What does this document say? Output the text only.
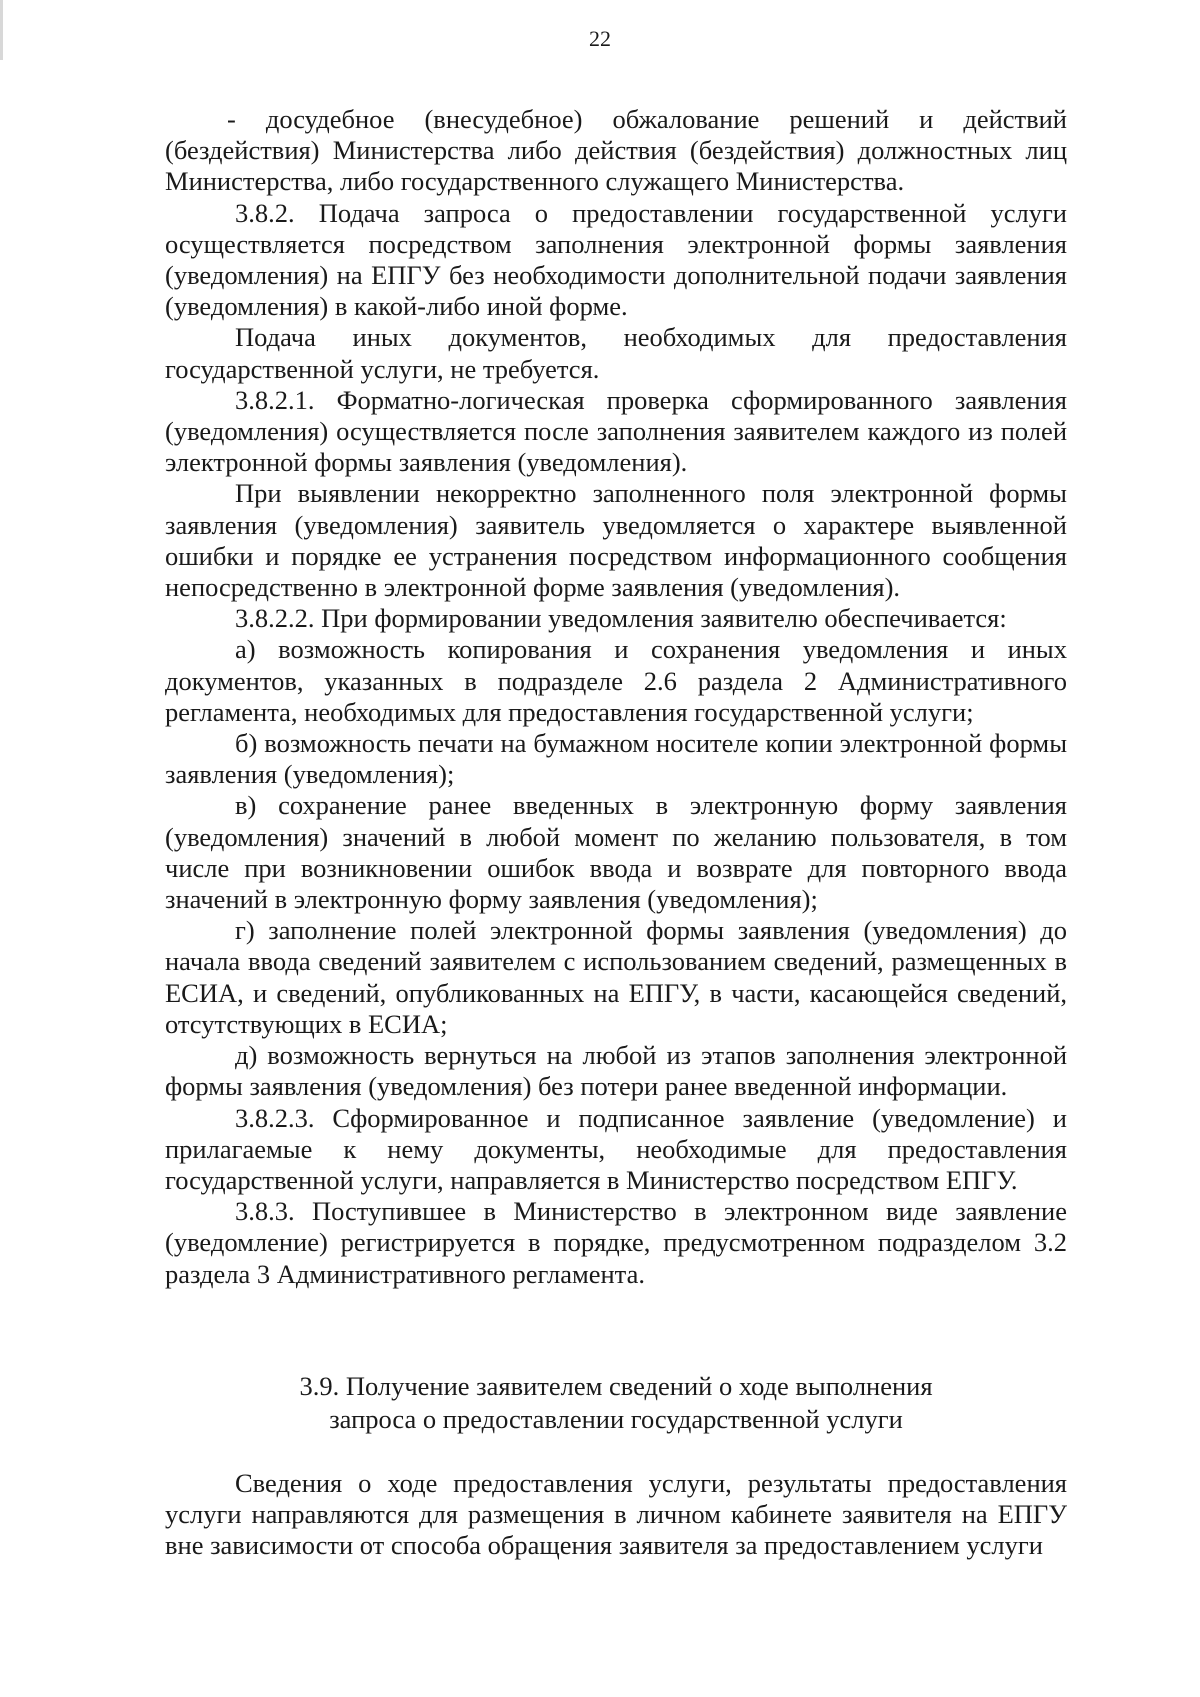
22

- досудебное (внесудебное) обжалование решений и действий (бездействия) Министерства либо действия (бездействия) должностных лиц Министерства, либо государственного служащего Министерства.

3.8.2. Подача запроса о предоставлении государственной услуги осуществляется посредством заполнения электронной формы заявления (уведомления) на ЕПГУ без необходимости дополнительной подачи заявления (уведомления) в какой-либо иной форме.

Подача иных документов, необходимых для предоставления государственной услуги, не требуется.

3.8.2.1. Форматно-логическая проверка сформированного заявления (уведомления) осуществляется после заполнения заявителем каждого из полей электронной формы заявления (уведомления).

При выявлении некорректно заполненного поля электронной формы заявления (уведомления) заявитель уведомляется о характере выявленной ошибки и порядке ее устранения посредством информационного сообщения непосредственно в электронной форме заявления (уведомления).

3.8.2.2. При формировании уведомления заявителю обеспечивается:

а) возможность копирования и сохранения уведомления и иных документов, указанных в подразделе 2.6 раздела 2 Административного регламента, необходимых для предоставления государственной услуги;

б) возможность печати на бумажном носителе копии электронной формы заявления (уведомления);

в) сохранение ранее введенных в электронную форму заявления (уведомления) значений в любой момент по желанию пользователя, в том числе при возникновении ошибок ввода и возврате для повторного ввода значений в электронную форму заявления (уведомления);

г) заполнение полей электронной формы заявления (уведомления) до начала ввода сведений заявителем с использованием сведений, размещенных в ЕСИА, и сведений, опубликованных на ЕПГУ, в части, касающейся сведений, отсутствующих в ЕСИА;

д) возможность вернуться на любой из этапов заполнения электронной формы заявления (уведомления) без потери ранее введенной информации.

3.8.2.3. Сформированное и подписанное заявление (уведомление) и прилагаемые к нему документы, необходимые для предоставления государственной услуги, направляется в Министерство посредством ЕПГУ.

3.8.3. Поступившее в Министерство в электронном виде заявление (уведомление) регистрируется в порядке, предусмотренном подразделом 3.2 раздела 3 Административного регламента.

3.9. Получение заявителем сведений о ходе выполнения
запроса о предоставлении государственной услуги

Сведения о ходе предоставления услуги, результаты предоставления услуги направляются для размещения в личном кабинете заявителя на ЕПГУ вне зависимости от способа обращения заявителя за предоставлением услуги
